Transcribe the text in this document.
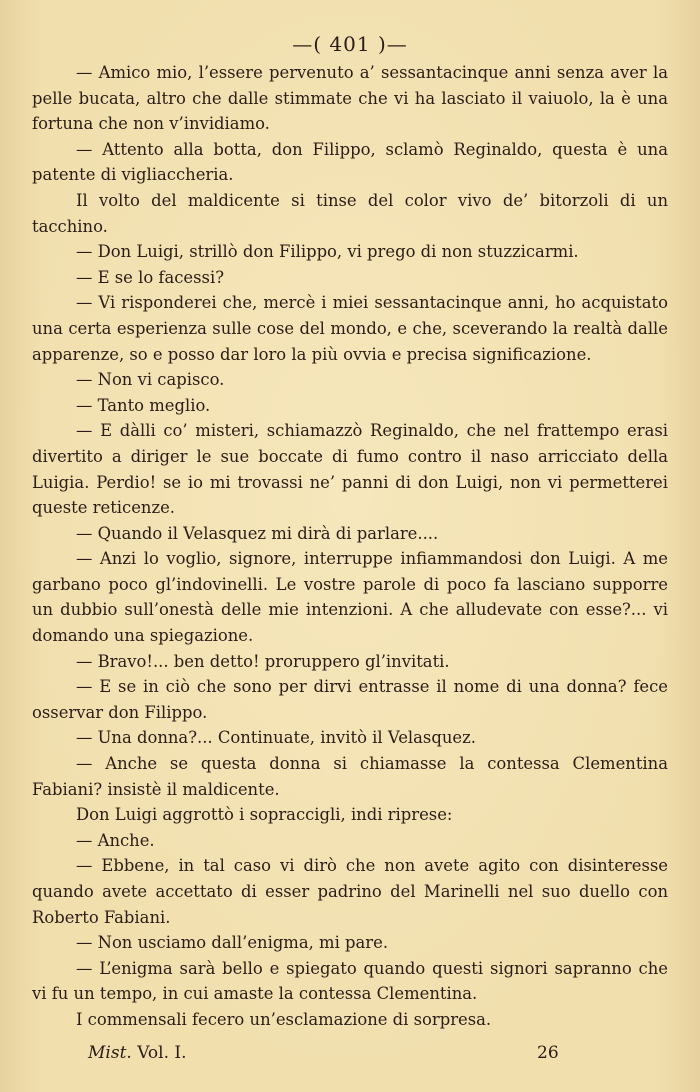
—( 401 )—

— Amico mio, l’essere pervenuto a’ sessantacinque anni senza aver la pelle bucata, altro che dalle stimmate che vi ha lasciato il vaiuolo, la è una fortuna che non v’invidiamo.

— Attento alla botta, don Filippo, sclamò Reginaldo, questa è una patente di vigliaccheria.

Il volto del maldicente si tinse del color vivo de’ bitorzoli di un tacchino.

— Don Luigi, strillò don Filippo, vi prego di non stuzzicarmi.

— E se lo facessi?

— Vi risponderei che, mercè i miei sessantacinque anni, ho acquistato una certa esperienza sulle cose del mondo, e che, sceverando la realtà dalle apparenze, so e posso dar loro la più ovvia e precisa significazione.

— Non vi capisco.

— Tanto meglio.

— E dàlli co’ misteri, schiamazzò Reginaldo, che nel frattempo erasi divertito a diriger le sue boccate di fumo contro il naso arricciato della Luigia. Perdio! se io mi trovassi ne’ panni di don Luigi, non vi permetterei queste reticenze.

— Quando il Velasquez mi dirà di parlare....

— Anzi lo voglio, signore, interruppe infiammandosi don Luigi. A me garbano poco gl’indovinelli. Le vostre parole di poco fa lasciano supporre un dubbio sull’onestà delle mie intenzioni. A che alludevate con esse?... vi domando una spiegazione.

— Bravo!... ben detto! proruppero gl’invitati.

— E se in ciò che sono per dirvi entrasse il nome di una donna? fece osservar don Filippo.

— Una donna?... Continuate, invitò il Velasquez.

— Anche se questa donna si chiamasse la contessa Clementina Fabiani? insistè il maldicente.

Don Luigi aggrottò i sopraccigli, indi riprese:

— Anche.

— Ebbene, in tal caso vi dirò che non avete agito con disinteresse quando avete accettato di esser padrino del Marinelli nel suo duello con Roberto Fabiani.

— Non usciamo dall’enigma, mi pare.

— L’enigma sarà bello e spiegato quando questi signori sapranno che vi fu un tempo, in cui amaste la contessa Clementina.

I commensali fecero un’esclamazione di sorpresa.

Mist. Vol. I.	26
